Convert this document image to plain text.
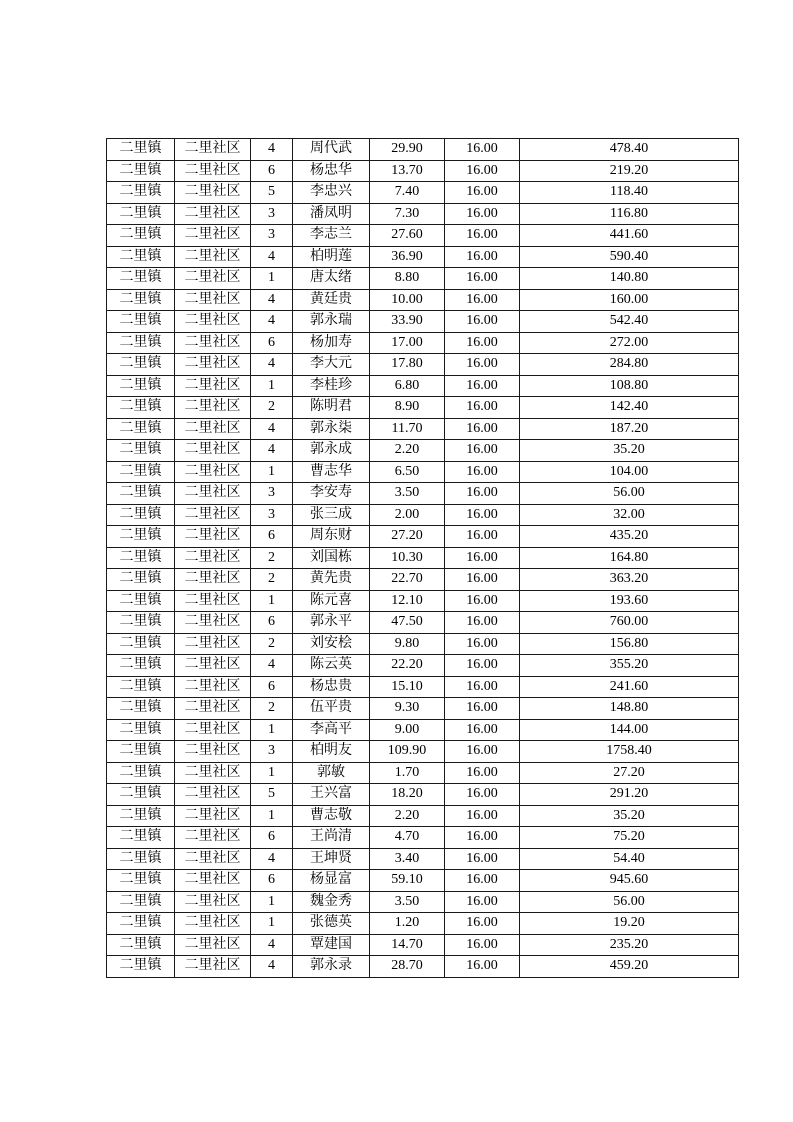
二里镇	二里社区	4	周代武	29.90	16.00	478.40
二里镇	二里社区	6	杨忠华	13.70	16.00	219.20
二里镇	二里社区	5	李忠兴	7.40	16.00	118.40
二里镇	二里社区	3	潘凤明	7.30	16.00	116.80
二里镇	二里社区	3	李志兰	27.60	16.00	441.60
二里镇	二里社区	4	柏明莲	36.90	16.00	590.40
二里镇	二里社区	1	唐太绪	8.80	16.00	140.80
二里镇	二里社区	4	黄廷贵	10.00	16.00	160.00
二里镇	二里社区	4	郭永瑞	33.90	16.00	542.40
二里镇	二里社区	6	杨加寿	17.00	16.00	272.00
二里镇	二里社区	4	李大元	17.80	16.00	284.80
二里镇	二里社区	1	李桂珍	6.80	16.00	108.80
二里镇	二里社区	2	陈明君	8.90	16.00	142.40
二里镇	二里社区	4	郭永柒	11.70	16.00	187.20
二里镇	二里社区	4	郭永成	2.20	16.00	35.20
二里镇	二里社区	1	曹志华	6.50	16.00	104.00
二里镇	二里社区	3	李安寿	3.50	16.00	56.00
二里镇	二里社区	3	张三成	2.00	16.00	32.00
二里镇	二里社区	6	周东财	27.20	16.00	435.20
二里镇	二里社区	2	刘国栋	10.30	16.00	164.80
二里镇	二里社区	2	黄先贵	22.70	16.00	363.20
二里镇	二里社区	1	陈元喜	12.10	16.00	193.60
二里镇	二里社区	6	郭永平	47.50	16.00	760.00
二里镇	二里社区	2	刘安桧	9.80	16.00	156.80
二里镇	二里社区	4	陈云英	22.20	16.00	355.20
二里镇	二里社区	6	杨忠贵	15.10	16.00	241.60
二里镇	二里社区	2	伍平贵	9.30	16.00	148.80
二里镇	二里社区	1	李高平	9.00	16.00	144.00
二里镇	二里社区	3	柏明友	109.90	16.00	1758.40
二里镇	二里社区	1	郭敏	1.70	16.00	27.20
二里镇	二里社区	5	王兴富	18.20	16.00	291.20
二里镇	二里社区	1	曹志敬	2.20	16.00	35.20
二里镇	二里社区	6	王尚清	4.70	16.00	75.20
二里镇	二里社区	4	王坤贤	3.40	16.00	54.40
二里镇	二里社区	6	杨显富	59.10	16.00	945.60
二里镇	二里社区	1	魏金秀	3.50	16.00	56.00
二里镇	二里社区	1	张德英	1.20	16.00	19.20
二里镇	二里社区	4	覃建国	14.70	16.00	235.20
二里镇	二里社区	4	郭永录	28.70	16.00	459.20
